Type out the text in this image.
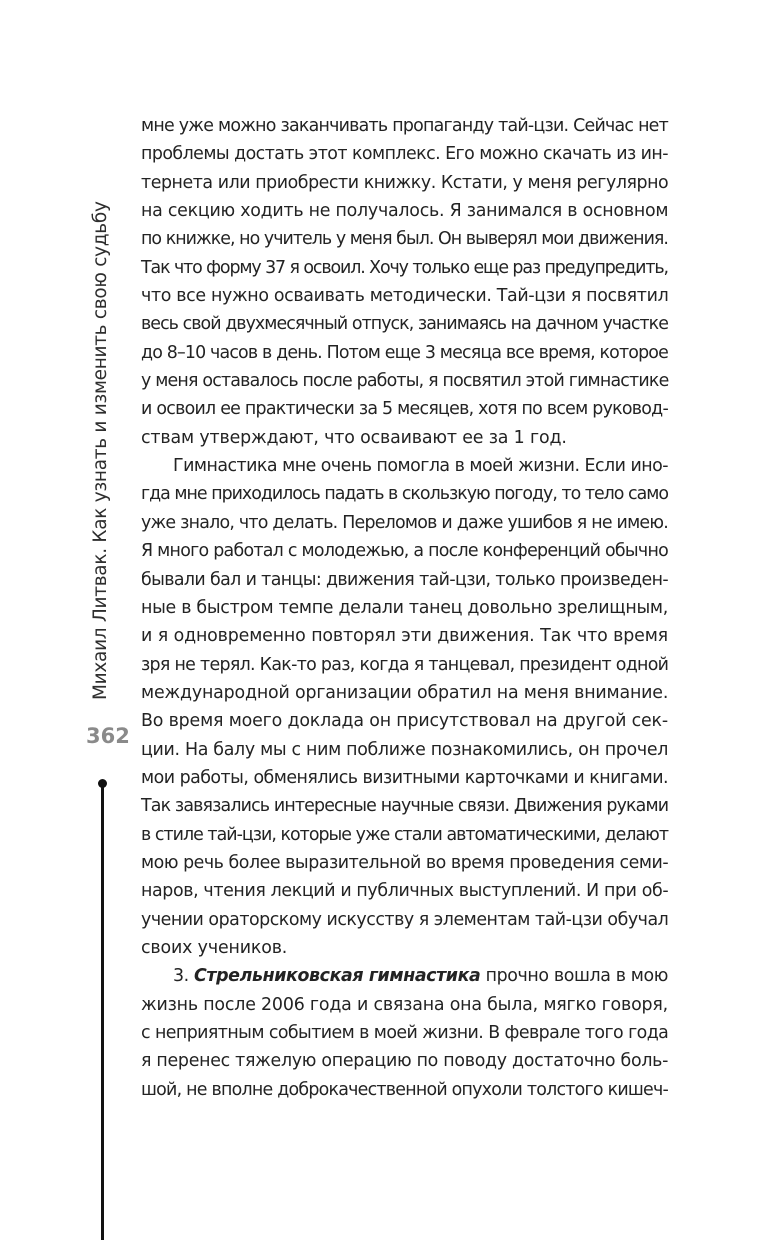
Михаил Литвак. Как узнать и изменить свою судьбу
362
мне уже можно заканчивать пропаганду тай-цзи. Сейчас нет
проблемы достать этот комплекс. Его можно скачать из ин-
тернета или приобрести книжку. Кстати, у меня регулярно
на секцию ходить не получалось. Я занимался в основном
по книжке, но учитель у меня был. Он выверял мои движения.
Так что форму 37 я освоил. Хочу только еще раз предупредить,
что все нужно осваивать методически. Тай-цзи я посвятил
весь свой двухмесячный отпуск, занимаясь на дачном участке
до 8–10 часов в день. Потом еще 3 месяца все время, которое
у меня оставалось после работы, я посвятил этой гимнастике
и освоил ее практически за 5 месяцев, хотя по всем руковод-
ствам утверждают, что осваивают ее за 1 год.
Гимнастика мне очень помогла в моей жизни. Если ино-
гда мне приходилось падать в скользкую погоду, то тело само
уже знало, что делать. Переломов и даже ушибов я не имею.
Я много работал с молодежью, а после конференций обычно
бывали бал и танцы: движения тай-цзи, только произведен-
ные в быстром темпе делали танец довольно зрелищным,
и я одновременно повторял эти движения. Так что время
зря не терял. Как-то раз, когда я танцевал, президент одной
международной организации обратил на меня внимание.
Во время моего доклада он присутствовал на другой сек-
ции. На балу мы с ним поближе познакомились, он прочел
мои работы, обменялись визитными карточками и книгами.
Так завязались интересные научные связи. Движения руками
в стиле тай-цзи, которые уже стали автоматическими, делают
мою речь более выразительной во время проведения семи-
наров, чтения лекций и публичных выступлений. И при об-
учении ораторскому искусству я элементам тай-цзи обучал
своих учеников.
3. Стрельниковская гимнастика прочно вошла в мою
жизнь после 2006 года и связана она была, мягко говоря,
с неприятным событием в моей жизни. В феврале того года
я перенес тяжелую операцию по поводу достаточно боль-
шой, не вполне доброкачественной опухоли толстого кишеч-
